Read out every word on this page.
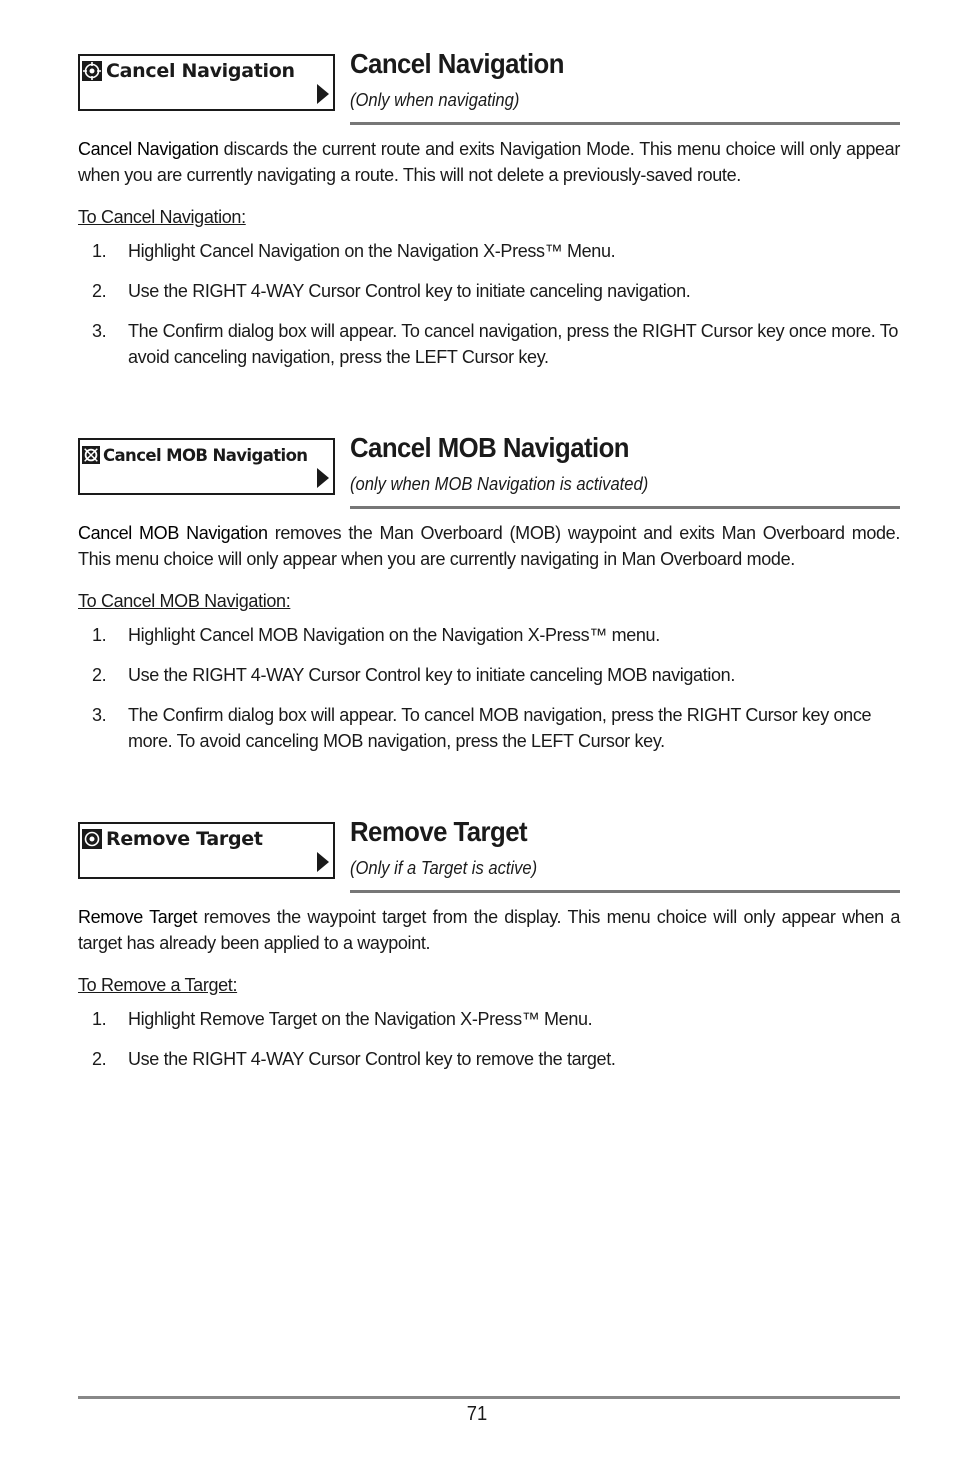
Cancel Navigation Cancel Navigation
(Only when navigating)

Cancel Navigation discards the current route and exits Navigation Mode. This menu choice will only appear when you are currently navigating a route. This will not delete a previously-saved route.

To Cancel Navigation:
1. Highlight Cancel Navigation on the Navigation X-Press™ Menu.
2. Use the RIGHT 4-WAY Cursor Control key to initiate canceling navigation.
3. The Confirm dialog box will appear. To cancel navigation, press the RIGHT Cursor key once more. To avoid canceling navigation, press the LEFT Cursor key.
Cancel MOB Navigation Cancel MOB Navigation
(only when MOB Navigation is activated)

Cancel MOB Navigation removes the Man Overboard (MOB) waypoint and exits Man Overboard mode. This menu choice will only appear when you are currently navigating in Man Overboard mode.

To Cancel MOB Navigation:
1. Highlight Cancel MOB Navigation on the Navigation X-Press™ menu.
2. Use the RIGHT 4-WAY Cursor Control key to initiate canceling MOB navigation.
3. The Confirm dialog box will appear. To cancel MOB navigation, press the RIGHT Cursor key once more. To avoid canceling MOB navigation, press the LEFT Cursor key.
Remove Target	Remove Target
(Only if a Target is active)

Remove Target removes the waypoint target from the display. This menu choice will only appear when a target has already been applied to a waypoint.

To Remove a Target:
1. Highlight Remove Target on the Navigation X-Press™ Menu.
2. Use the RIGHT 4-WAY Cursor Control key to remove the target.
71
